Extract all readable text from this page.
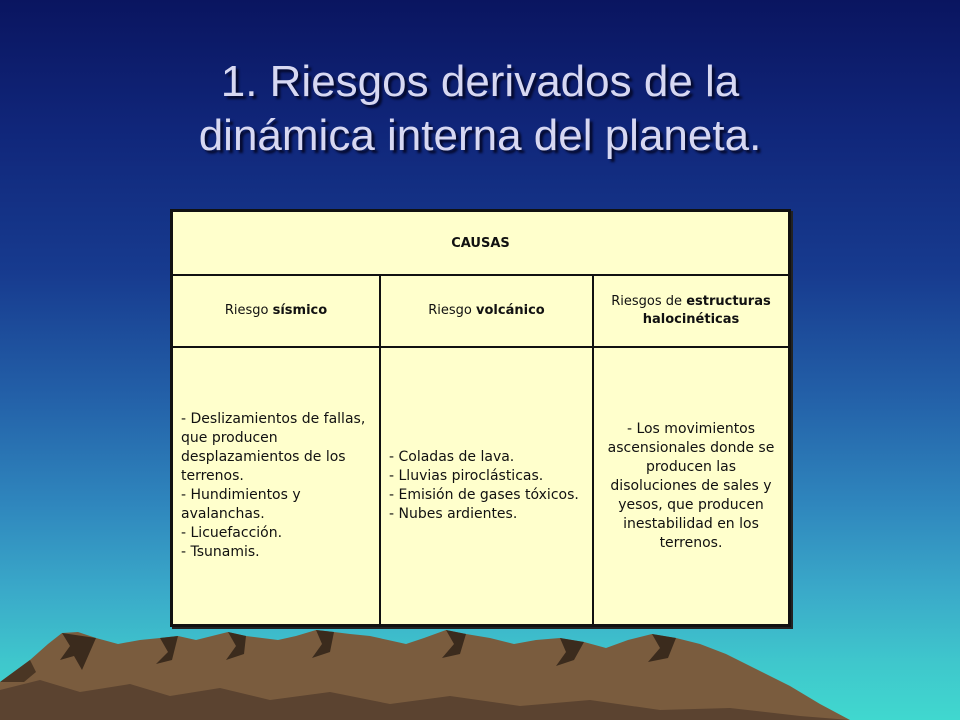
1. Riesgos derivados de la
dinámica interna del planeta.
CAUSAS		
Riesgo sísmico	Riesgo volcánico	Riesgos de estructuras halocinéticas

- Deslizamientos de fallas, que producen desplazamientos de los terrenos.
- Hundimientos y avalanchas.
- Licuefacción.
- Tsunamis.	- Coladas de lava.
- Lluvias piroclásticas.
- Emisión de gases tóxicos.
- Nubes ardientes.	- Los movimientos ascensionales donde se producen las disoluciones de sales y yesos, que producen inestabilidad en los terrenos.
